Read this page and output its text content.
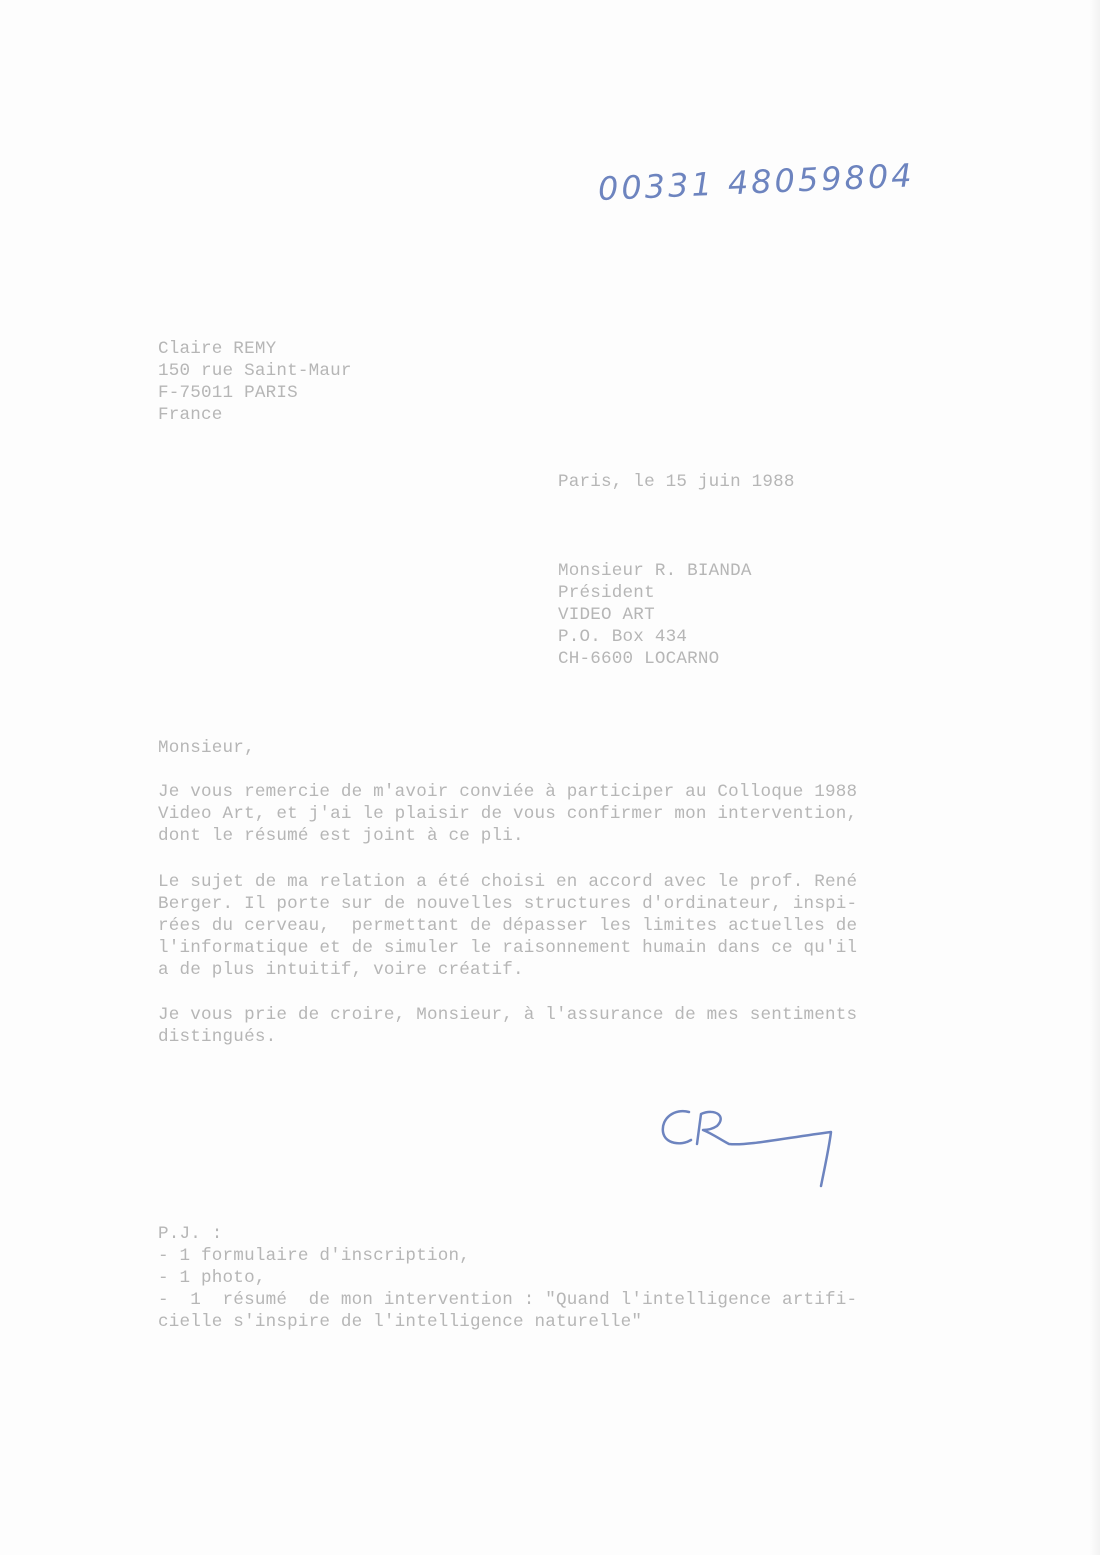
00331 48059804
Claire REMY
150 rue Saint-Maur
F-75011 PARIS
France
Paris, le 15 juin 1988
Monsieur R. BIANDA
Président
VIDEO ART
P.O. Box 434
CH-6600 LOCARNO
Monsieur,
Je vous remercie de m'avoir conviée à participer au Colloque 1988
Video Art, et j'ai le plaisir de vous confirmer mon intervention,
dont le résumé est joint à ce pli.
Le sujet de ma relation a été choisi en accord avec le prof. René
Berger. Il porte sur de nouvelles structures d'ordinateur, inspi-
rées du cerveau,  permettant de dépasser les limites actuelles de
l'informatique et de simuler le raisonnement humain dans ce qu'il
a de plus intuitif, voire créatif.
Je vous prie de croire, Monsieur, à l'assurance de mes sentiments
distingués.
P.J. :
- 1 formulaire d'inscription,
- 1 photo,
-  1  résumé  de mon intervention : "Quand l'intelligence artifi-
cielle s'inspire de l'intelligence naturelle"
